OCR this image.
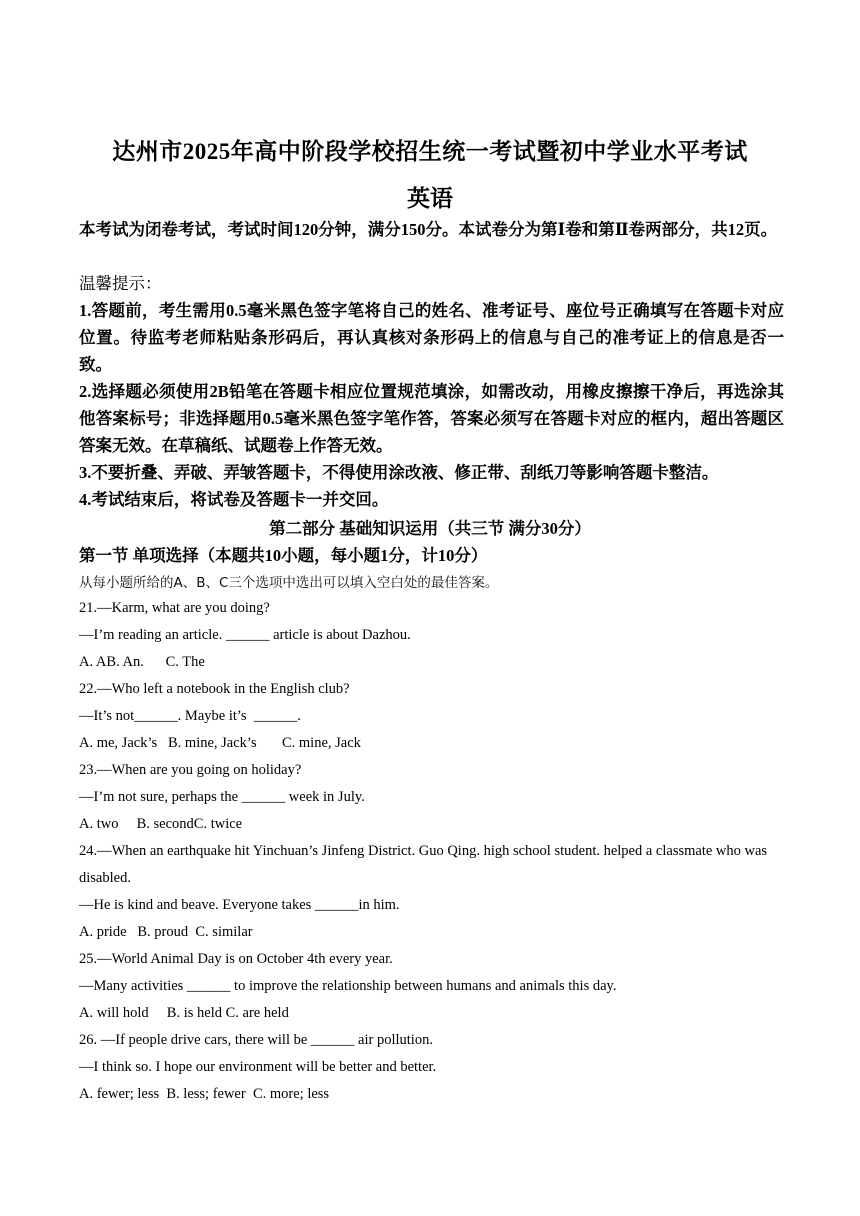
达州市2025年高中阶段学校招生统一考试暨初中学业水平考试
英语
本考试为闭卷考试，考试时间120分钟，满分150分。本试卷分为第Ⅰ卷和第Ⅱ卷两部分，共12页。
温馨提示：
1.答题前，考生需用0.5毫米黑色签字笔将自己的姓名、准考证号、座位号正确填写在答题卡对应位置。待监考老师粘贴条形码后，再认真核对条形码上的信息与自己的准考证上的信息是否一致。
2.选择题必须使用2B铅笔在答题卡相应位置规范填涂，如需改动，用橡皮擦擦干净后，再选涂其他答案标号；非选择题用0.5毫米黑色签字笔作答，答案必须写在答题卡对应的框内，超出答题区答案无效。在草稿纸、试题卷上作答无效。
3.不要折叠、弄破、弄皱答题卡，不得使用涂改液、修正带、刮纸刀等影响答题卡整洁。
4.考试结束后，将试卷及答题卡一并交回。
第二部分 基础知识运用（共三节 满分30分）
第一节 单项选择（本题共10小题，每小题1分，计10分）
从每小题所给的A、B、C三个选项中选出可以填入空白处的最佳答案。
21.—Karm, what are you doing?
—I’m reading an article. ______ article is about Dazhou.
A. AB. An.      C. The
22.—Who left a notebook in the English club?
—It’s not______. Maybe it’s  ______.
A. me, Jack’s   B. mine, Jack’s       C. mine, Jack
23.—When are you going on holiday?
—I’m not sure, perhaps the ______ week in July.
A. two     B. secondC. twice
24.—When an earthquake hit Yinchuan’s Jinfeng District. Guo Qing. high school student. helped a classmate who was disabled.
—He is kind and beave. Everyone takes ______in him.
A. pride   B. proud  C. similar
25.—World Animal Day is on October 4th every year.
—Many activities ______ to improve the relationship between humans and animals this day.
A. will hold     B. is held C. are held
26. —If people drive cars, there will be ______ air pollution.
—I think so. I hope our environment will be better and better.
A. fewer; less  B. less; fewer  C. more; less
